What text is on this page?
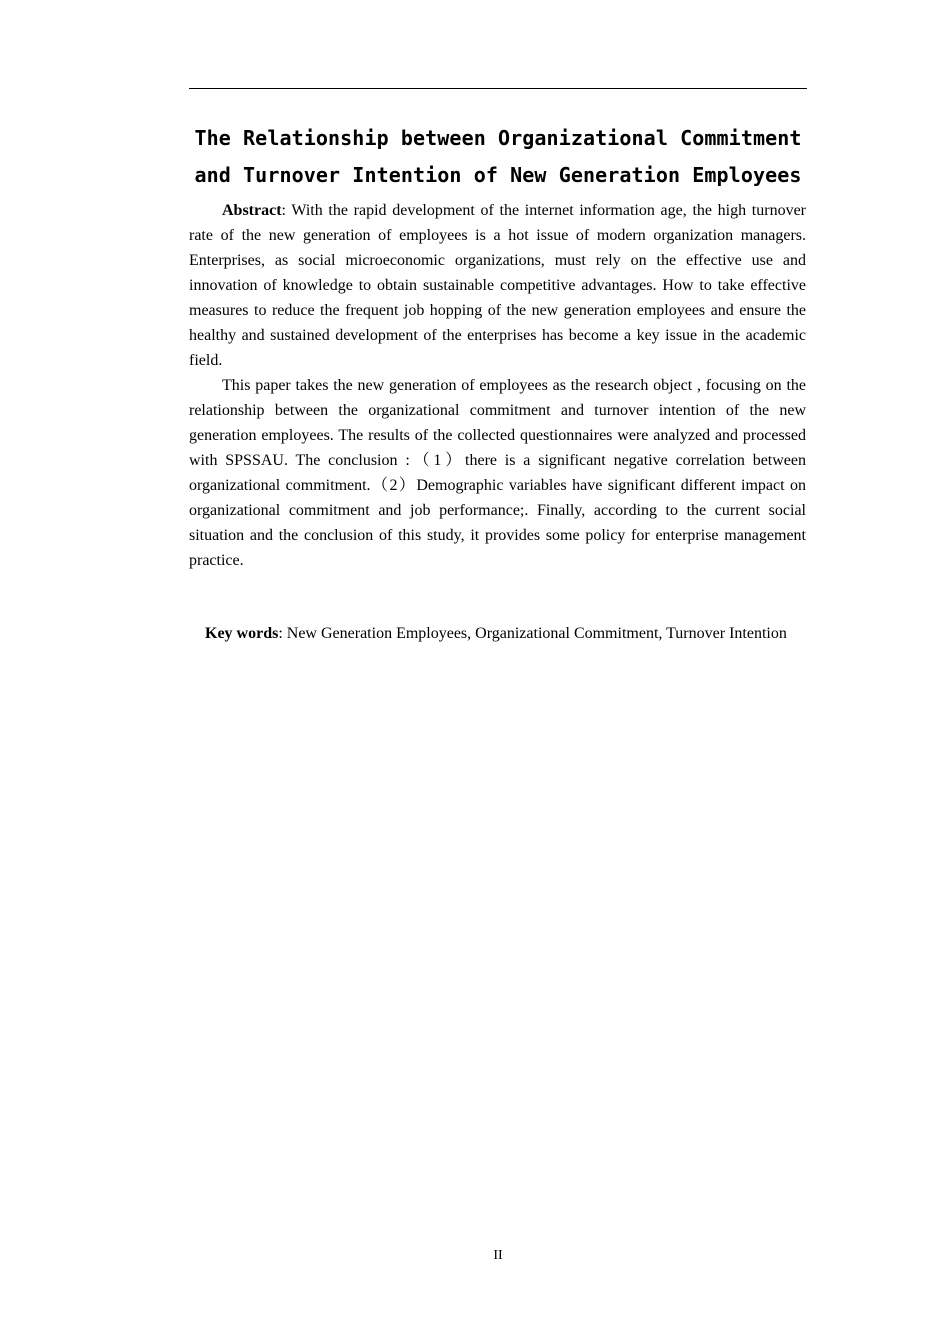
The Relationship between Organizational Commitment
and Turnover Intention of New Generation Employees

Abstract: With the rapid development of the internet information age, the high turnover rate of the new generation of employees is a hot issue of modern organization managers. Enterprises, as social microeconomic organizations, must rely on the effective use and innovation of knowledge to obtain sustainable competitive advantages. How to take effective measures to reduce the frequent job hopping of the new generation employees and ensure the healthy and sustained development of the enterprises has become a key issue in the academic field.

This paper takes the new generation of employees as the research object , focusing on the relationship between the organizational commitment and turnover intention of the new generation employees. The results of the collected questionnaires were analyzed and processed with SPSSAU. The conclusion :（1）there is a significant negative correlation between organizational commitment.（2）Demographic variables have significant different impact on organizational commitment and job performance;. Finally, according to the current social situation and the conclusion of this study, it provides some policy for enterprise management practice.

Key words: New Generation Employees, Organizational Commitment, Turnover Intention

II
